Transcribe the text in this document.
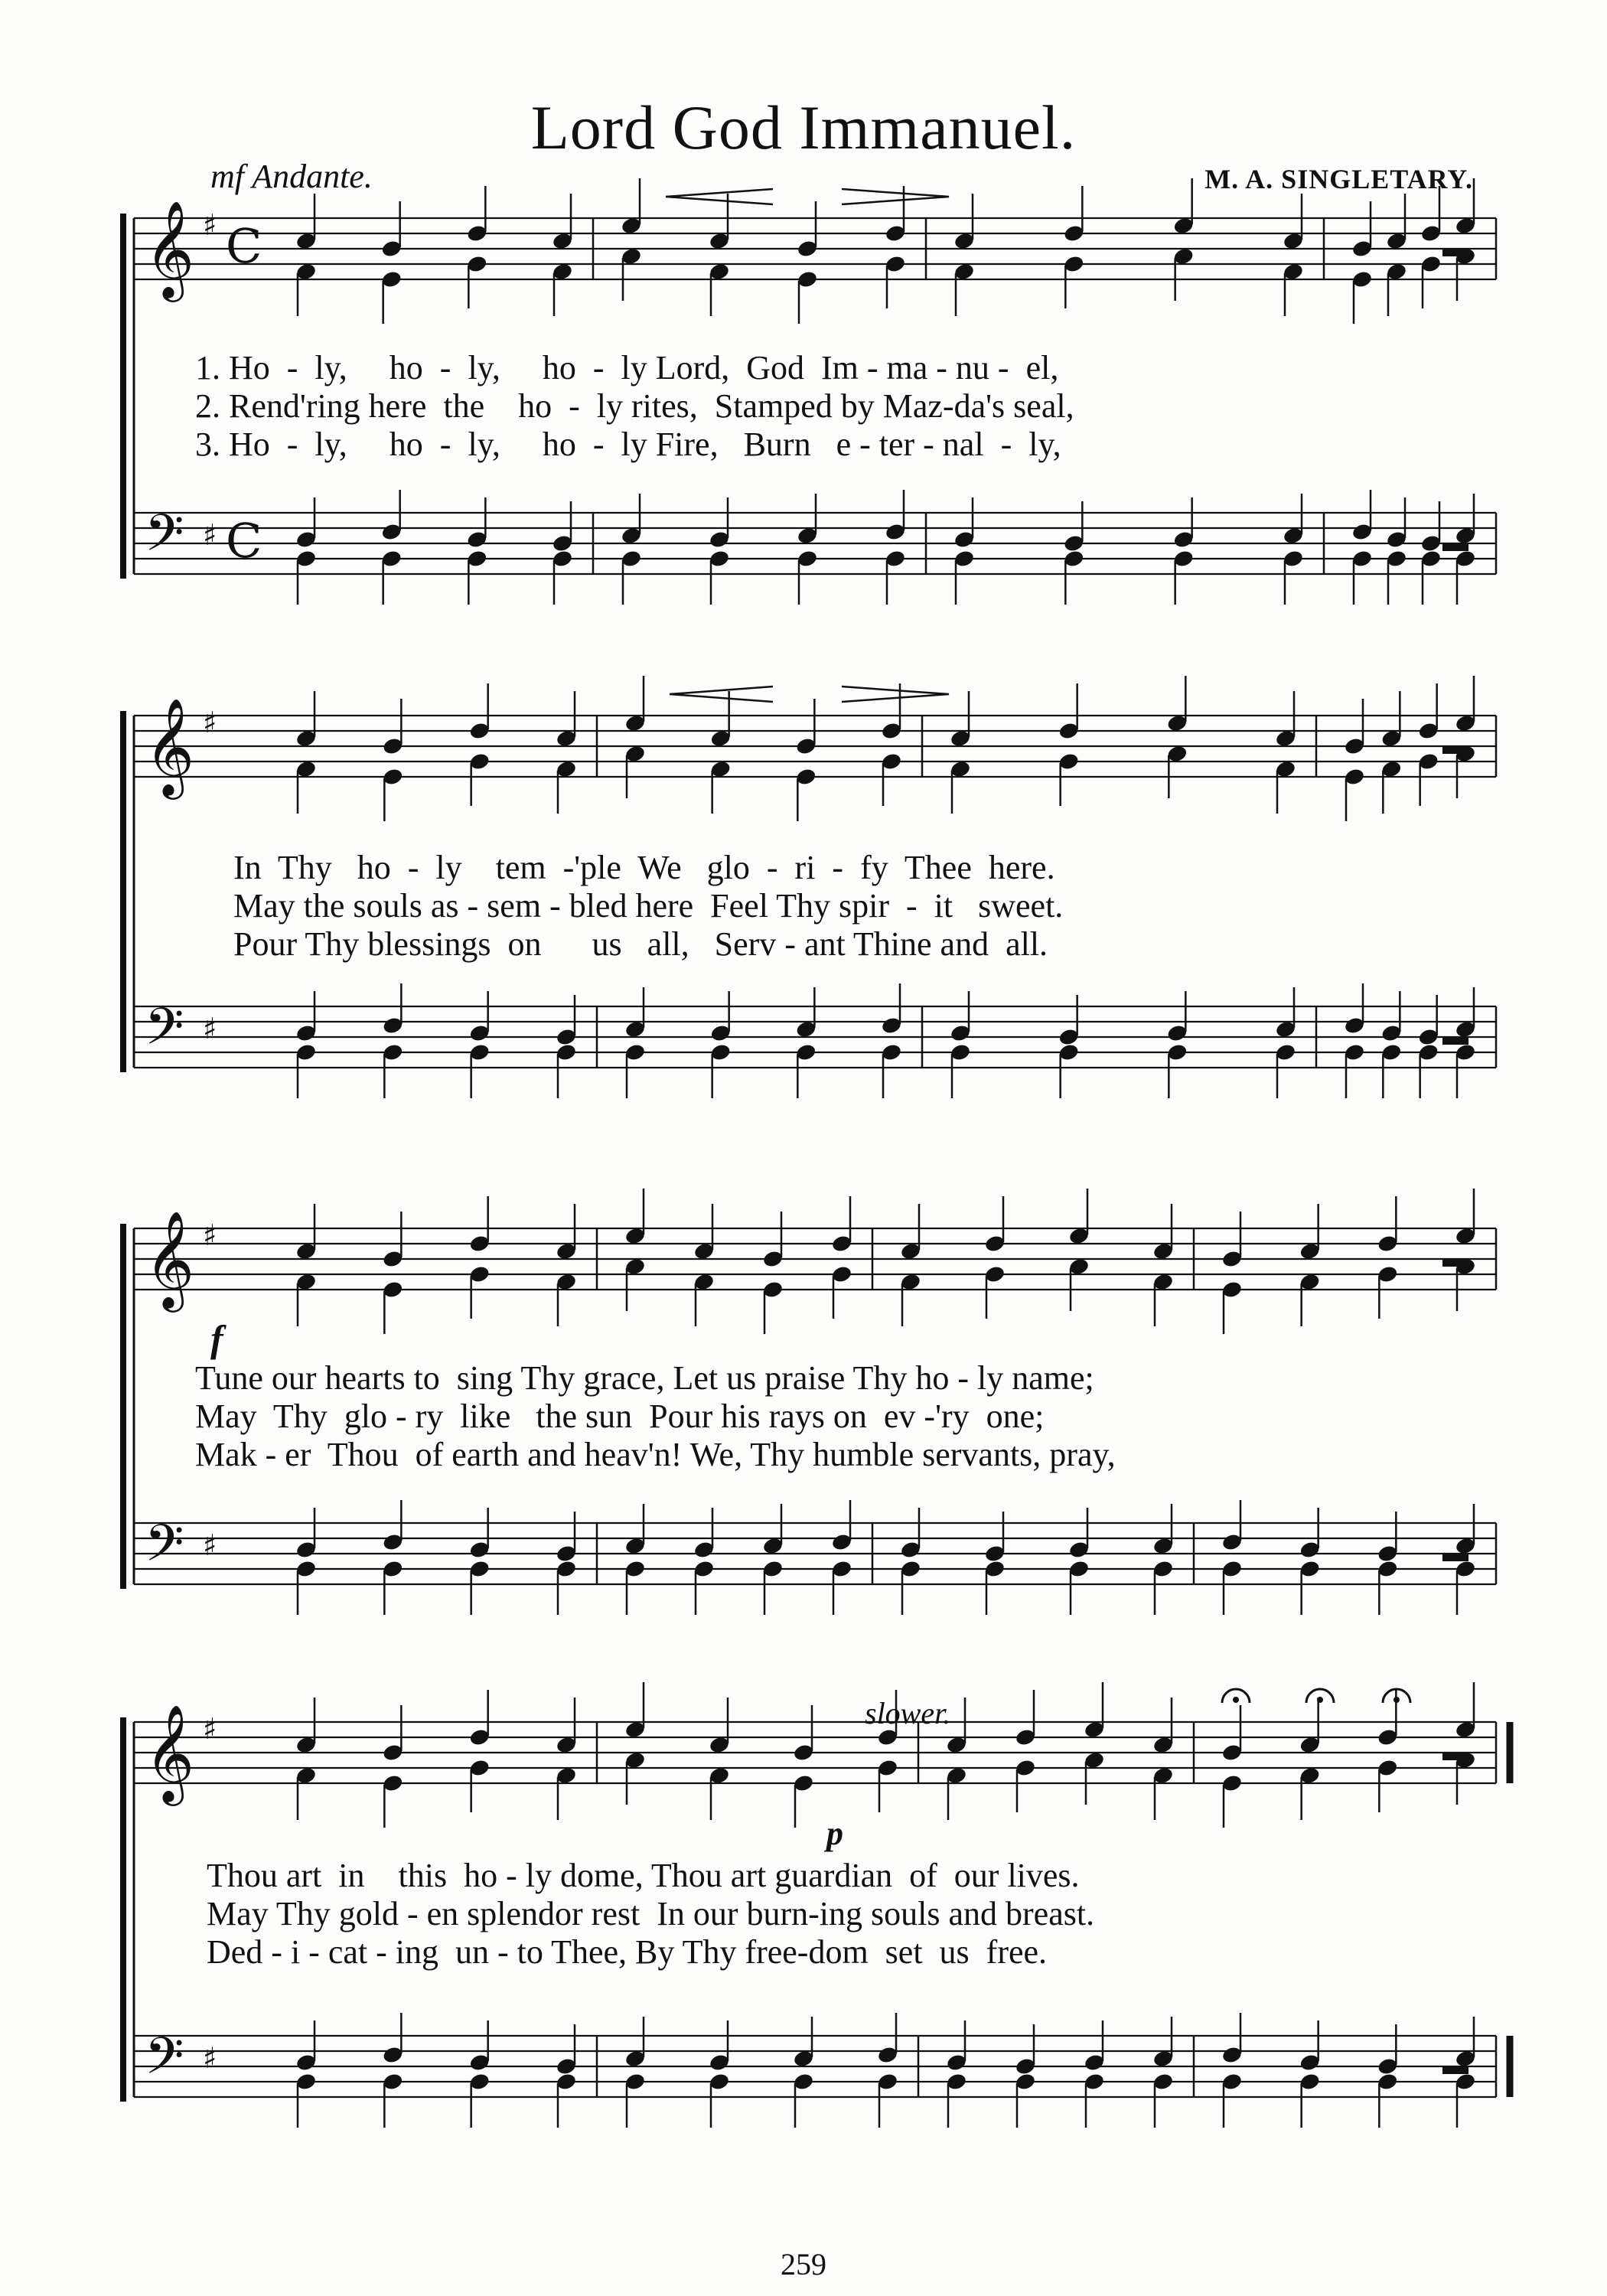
𝄞 ♯ C
𝄢 ♯ C
𝄞 ♯
𝄢 ♯
𝄞 ♯
𝄢 ♯
𝄞 ♯
𝄢 ♯
Lord God Immanuel.
mf Andante.	M. A. SINGLETARY.
1. Ho  -  ly,     ho  -  ly,     ho  -  ly Lord,  God  Im - ma - nu -  el,
2. Rend'ring here  the    ho  -  ly rites,  Stamped by Maz-da's seal,
3. Ho  -  ly,     ho  -  ly,     ho  -  ly Fire,   Burn   e - ter - nal  -  ly,
In  Thy   ho  -  ly    tem  -'ple  We   glo  -  ri  -  fy  Thee  here.
May the souls as - sem - bled here  Feel Thy spir  -  it   sweet.
Pour Thy blessings  on      us   all,   Serv - ant Thine and  all.
f
Tune our hearts to  sing Thy grace, Let us praise Thy ho - ly name;
May  Thy  glo - ry  like   the sun  Pour his rays on  ev -'ry  one;
Mak - er  Thou  of earth and heav'n! We, Thy humble servants, pray,
slower.
p
Thou art  in    this  ho - ly dome, Thou art guardian  of  our lives.
May Thy gold - en splendor rest  In our burn-ing souls and breast.
Ded - i - cat - ing  un - to Thee, By Thy free-dom  set  us  free.
259
